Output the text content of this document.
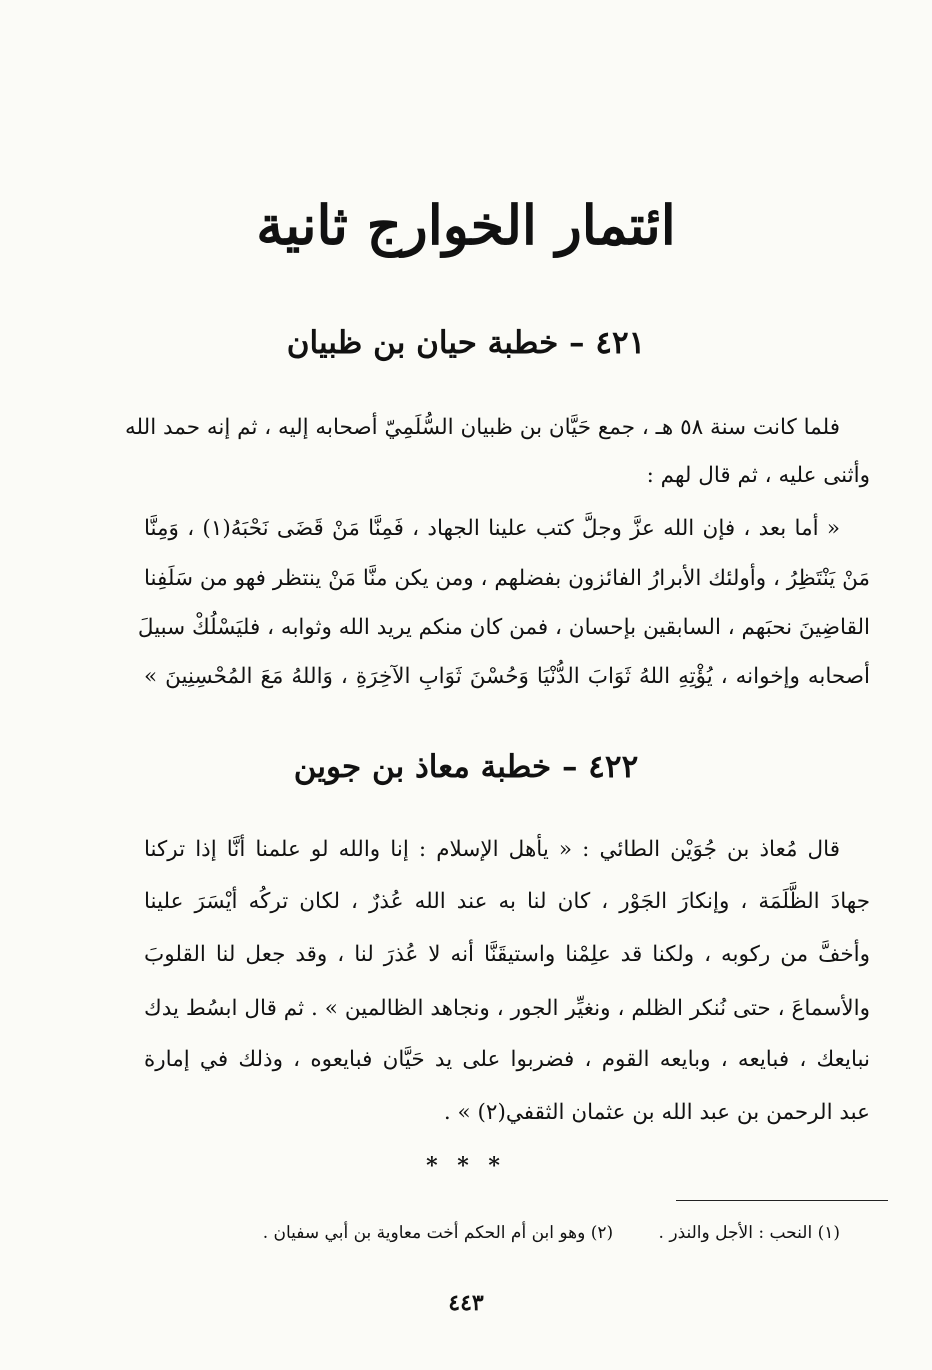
ائتمار الخوارج ثانية
٤٢١ – خطبة حيان بن ظبيان
فلما كانت سنة ٥٨ هـ ، جمع حَيَّان بن ظبيان السُّلَمِيّ أصحابه إليه ، ثم إنه حمد الله
وأثنى عليه ، ثم قال لهم :
« أما بعد ، فإن الله عزَّ وجلَّ كتب علينا الجهاد ، فَمِنَّا مَنْ قَضَى نَحْبَهُ(١) ، وَمِنَّا
مَنْ يَنْتَظِرُ ، وأولئك الأبرارُ الفائزون بفضلهم ، ومن يكن منَّا مَنْ ينتظر فهو من سَلَفِنا
القاضِينَ نحبَهم ، السابقين بإحسان ، فمن كان منكم يريد الله وثوابه ، فليَسْلُكْ سبيلَ
أصحابه وإخوانه ، يُؤْتِهِ اللهُ ثَوَابَ الدُّنْيَا وَحُسْنَ ثَوَابِ الآخِرَةِ ، وَاللهُ مَعَ المُحْسِنِينَ »
٤٢٢ – خطبة معاذ بن جوين
قال مُعاذ بن جُوَيْن الطائي : « يأهل الإسلام : إنا والله لو علمنا أنَّا إذا تركنا
جهادَ الظَّلَمَة ، وإنكارَ الجَوْر ، كان لنا به عند الله عُذرٌ ، لكان تركُه أيْسَرَ علينا
وأخفَّ من ركوبه ، ولكنا قد علِمْنا واستيقَنَّا أنه لا عُذرَ لنا ، وقد جعل لنا القلوبَ
والأسماعَ ، حتى نُنكر الظلم ، ونغيِّر الجور ، ونجاهد الظالمين » . ثم قال ابسُط يدك
نبايعك ، فبايعه ، وبايعه القوم ، فضربوا على يد حَيَّان فبايعوه ، وذلك في إمارة
عبد الرحمن بن عبد الله بن عثمان الثقفي(٢) » .
* * *
(١) النحب : الأجل والنذر . (٢) وهو ابن أم الحكم أخت معاوية بن أبي سفيان .
٤٤٣
